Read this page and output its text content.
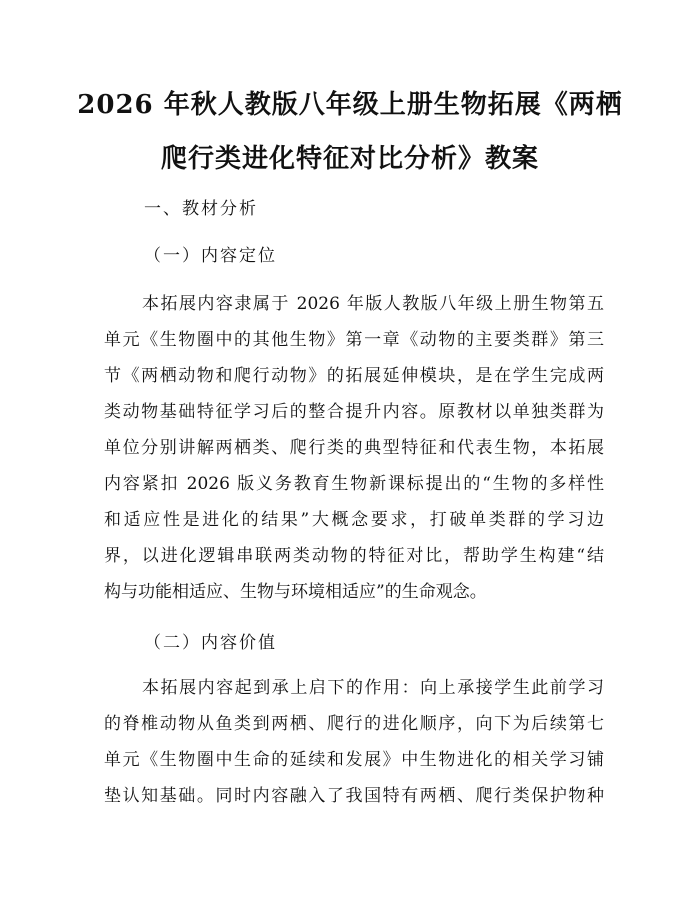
2026 年秋人教版八年级上册生物拓展《两栖
爬行类进化特征对比分析》教案
一、教材分析
（一）内容定位
本拓展内容隶属于 2026 年版人教版八年级上册生物第五
单元《生物圈中的其他生物》第一章《动物的主要类群》第三
节《两栖动物和爬行动物》的拓展延伸模块，是在学生完成两
类动物基础特征学习后的整合提升内容。原教材以单独类群为
单位分别讲解两栖类、爬行类的典型特征和代表生物，本拓展
内容紧扣 2026 版义务教育生物新课标提出的“生物的多样性
和适应性是进化的结果”大概念要求，打破单类群的学习边
界，以进化逻辑串联两类动物的特征对比，帮助学生构建“结
构与功能相适应、生物与环境相适应”的生命观念。
（二）内容价值
本拓展内容起到承上启下的作用：向上承接学生此前学习
的脊椎动物从鱼类到两栖、爬行的进化顺序，向下为后续第七
单元《生物圈中生命的延续和发展》中生物进化的相关学习铺
垫认知基础。同时内容融入了我国特有两栖、爬行类保护物种
